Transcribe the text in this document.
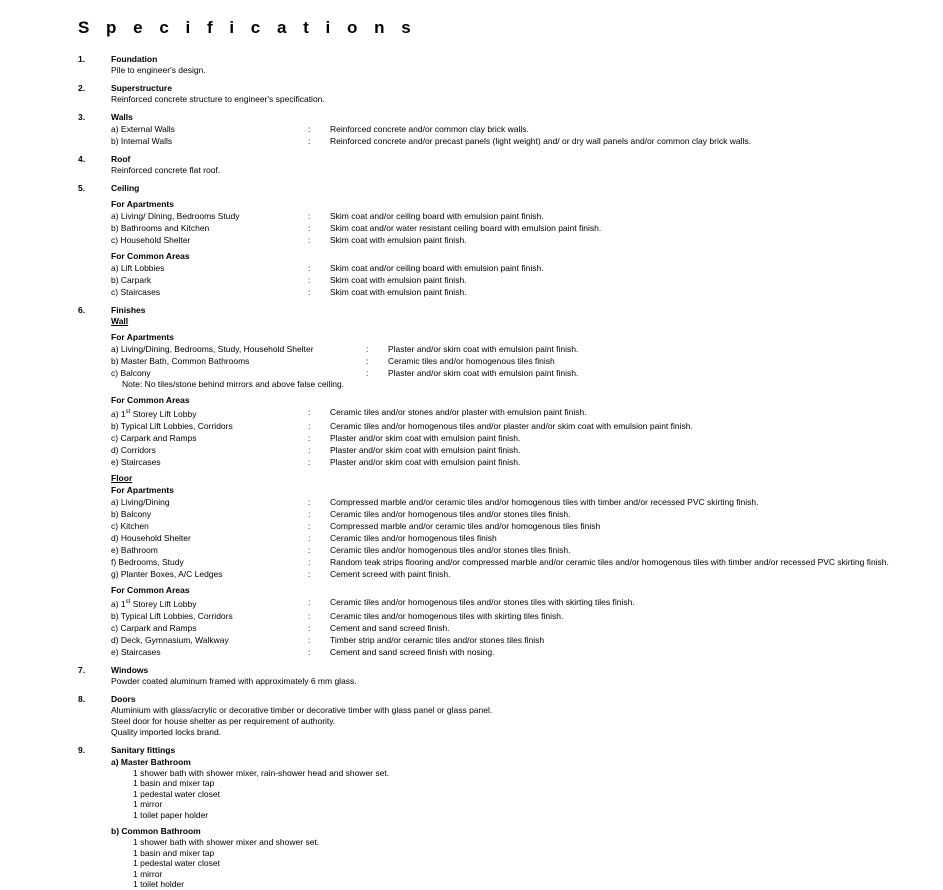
S p e c i f i c a t i o n s
1.	Foundation
Pile to engineer's design.
2.	Superstructure
Reinforced concrete structure to engineer's specification.
3.	Walls
a) External Walls	:	Reinforced concrete and/or common clay brick walls.
b) Internal Walls	:	Reinforced concrete and/or precast panels (light weight) and/ or dry wall panels and/or common clay brick walls.
4.	Roof
Reinforced concrete flat roof.
5.	Ceiling
For Apartments
a) Living/ Dining, Bedrooms Study	:	Skim coat and/or ceiling board with emulsion paint finish.
b) Bathrooms and Kitchen	:	Skim coat and/or water resistant ceiling board with emulsion paint finish.
c) Household Shelter	:	Skim coat with emulsion paint finish.
For Common Areas
a) Lift Lobbies	:	Skim coat and/or ceiling board with emulsion paint finish.
b) Carpark	:	Skim coat with emulsion paint finish.
c) Staircases	:	Skim coat with emulsion paint finish.
6.	Finishes
Wall
For Apartments
a) Living/Dining, Bedrooms, Study, Household Shelter	:	Plaster and/or skim coat with emulsion paint finish.
b) Master Bath, Common Bathrooms	:	Ceramic tiles and/or homogenous tiles finish
c) Balcony	:	Plaster and/or skim coat with emulsion paint finish.
Note: No tiles/stone behind mirrors and above false ceiling.
For Common Areas
a) 1st Storey Lift Lobby	:	Ceramic tiles and/or stones and/or plaster with emulsion paint finish.
b) Typical Lift Lobbies, Corridors	:	Ceramic tiles and/or homogenous tiles and/or plaster and/or skim coat with emulsion paint finish.
c) Carpark and Ramps	:	Plaster and/or skim coat with emulsion paint finish.
d) Corridors	:	Plaster and/or skim coat with emulsion paint finish.
e) Staircases	:	Plaster and/or skim coat with emulsion paint finish.
Floor
For Apartments
a) Living/Dining	:	Compressed marble and/or ceramic tiles and/or homogenous tiles with timber and/or recessed PVC skirting finish.
b) Balcony	:	Ceramic tiles and/or homogenous tiles and/or stones tiles finish.
c) Kitchen	:	Compressed marble and/or ceramic tiles and/or homogenous tiles finish
d) Household Shelter	:	Ceramic tiles and/or homogenous tiles finish
e) Bathroom	:	Ceramic tiles and/or homogenous tiles and/or stones tiles finish.
f) Bedrooms, Study	:	Random teak strips flooring and/or compressed marble and/or ceramic tiles and/or homogenous tiles with timber and/or recessed PVC skirting finish.
g) Planter Boxes, A/C Ledges	:	Cement screed with paint finish.
For Common Areas
a) 1st Storey Lift Lobby	:	Ceramic tiles and/or homogenous tiles and/or stones tiles with skirting tiles finish.
b) Typical Lift Lobbies, Corridors	:	Ceramic tiles and/or homogenous tiles with skirting tiles finish.
c) Carpark and Ramps	:	Cement and sand screed finish.
d) Deck, Gymnasium, Walkway	:	Timber strip and/or ceramic tiles and/or stones tiles finish
e) Staircases	:	Cement and sand screed finish with nosing.
7.	Windows
Powder coated aluminum framed with approximately 6 mm glass.
8.	Doors
Aluminium with glass/acrylic or decorative timber or decorative timber with glass panel or glass panel.
Steel door for house shelter as per requirement of authority.
Quality imported locks brand.
9.	Sanitary fittings
a) Master Bathroom
1 shower bath with shower mixer, rain-shower head and shower set.
1 basin and mixer tap
1 pedestal water closet
1 mirror
1 toilet paper holder
b) Common Bathroom
1 shower bath with shower mixer and shower set.
1 basin and mixer tap
1 pedestal water closet
1 mirror
1 toilet holder
